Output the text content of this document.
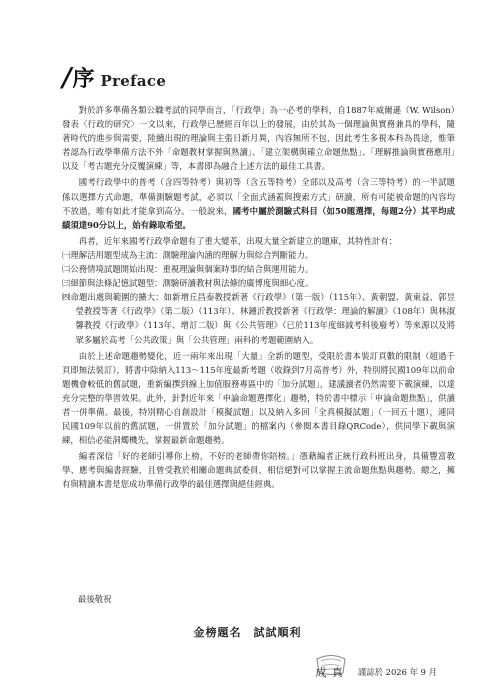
/ 序 Preface

對於許多準備各類公職考試的同學而言，「行政學」為一必考的學科，自1887年威爾遜（W. Wilson）發表〈行政的研究〉一文以來，行政學已歷經百年以上的發展，由於其為一個理論與實務兼具的學科，隨著時代的進步與需要，陸續出現的理論與主張日新月異，內容無所不包，因此考生多視本科為畏途，惟筆者認為行政學準備方法不外「命題教材掌握與熟讀」、「建立架構與確立命題焦點」、「理解推論與實務應用」以及「考古題充分反覆演練」等，本書即為融合上述方法的最佳工具書。

國考行政學中的普考（含四等特考）與初等（含五等特考）全部以及高考（含三等特考）的一半試題係以選擇方式命題，準備測驗題考試，必須以「全面式涵蓋與搜索方式」研讀，所有可能被命題的內容均不放過，唯有如此才能拿到高分。一般說來，國考中屬於測驗式科目（如50題選擇，每題2分）其平均成績須達90分以上，始有錄取希望。

再者，近年來國考行政學命題有了重大變革，出現大量全新建立的題庫，其特性計有：

㈠理解活用題型成為主流：測驗理論內涵的理解力與綜合判斷能力。
㈡公務情境試題開始出現：重視理論與個案時事的結合與運用能力。
㈢細節與法條記憶試題型：測驗研讀教材與法條的廣博度與細心度。
㈣命題出處與範圍的擴大：如新增丘昌泰教授新著《行政學》（第一版）（115年）、黃朝盟、黃東益、郭昱瑩教授等著《行政學》（第二版）（113年）、林鍾沂教授新著《行政學：理論的解讀》（108年）與林淑馨教授《行政學》（113年、增訂二版）與《公共管理》（已於113年度細減考科後廢考）等來源以及將眾多屬於高考「公共政策」與「公共管理」兩科的考題範圍納入。

由於上述命題趨勢變化，近一兩年來出現「大量」全新的題型，受限於書本裝訂頁數的限制（超過千頁即無法裝訂），將書中除納入113～115年度最新考題（收錄到7月高普考）外，特別將民國109年以前命題機會較低的舊試題，重新編撰到線上加值服務專區中的「加分試題」，建議讀者仍然需要下載演練，以達充分完整的學習效果。此外，針對近年來「申論命題選擇化」趨勢，特於書中標示「申論命題焦點」，供讀者一併準備。最後，特別精心自創設計「模擬試題」以及納入多回「全真模擬試題」（一回五十題），連同民國109年以前的舊試題，一併置於「加分試題」的檔案內（參閱本書目錄QRCode），供同學下載與演練，相信必能洞燭機先，掌握最新命題趨勢。

編者深信「好的老師引導你上榜，不好的老師帶你陪榜。」憑藉編者正統行政科班出身，具備豐富教學、應考與編書經驗，且曾受教於相關命題典試委員，相信絕對可以掌握主流命題焦點與趨勢。總之，擁有與精讀本書是您成功準備行政學的最佳選擇與絕佳經典。

最後敬祝
金榜題名　試試順利
成 真 謹誌於 2026 年 9 月
